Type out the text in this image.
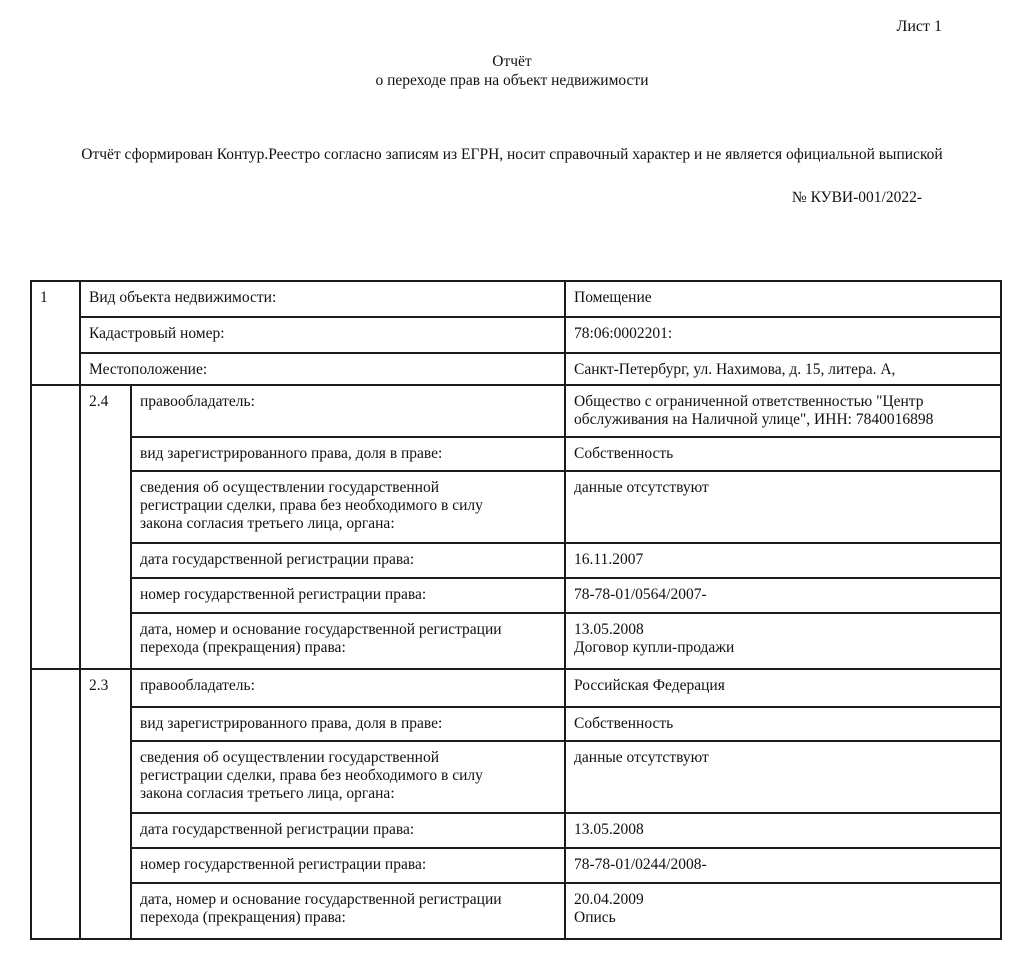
Лист 1
Отчёт
о переходе прав на объект недвижимости
Отчёт сформирован Контур.Реестро согласно записям из ЕГРН, носит справочный характер и не является официальной выпиской
№ КУВИ-001/2022-
1	Вид объекта недвижимости:		Помещение
	Кадастровый номер:		78:06:0002201:
	Местоположение:		Санкт-Петербург, ул. Нахимова, д. 15, литера. А,
	2.4	правообладатель:	Общество с ограниченной ответственностью "Центр
обслуживания на Наличной улице", ИНН: 7840016898

		вид зарегистрированного права, доля в праве:	Собственность

		сведения об осуществлении государственной
регистрации сделки, права без необходимого в силу
закона согласия третьего лица, органа:	данные отсутствуют
		дата государственной регистрации права:	16.11.2007
		номер государственной регистрации права:	78-78-01/0564/2007-

		дата, номер и основание государственной регистрации
перехода (прекращения) права:	13.05.2008
Договор купли-продажи

	2.3	правообладатель:	Российская Федерация
		вид зарегистрированного права, доля в праве:	Собственность

		сведения об осуществлении государственной
регистрации сделки, права без необходимого в силу
закона согласия третьего лица, органа:	данные отсутствуют
		дата государственной регистрации права:	13.05.2008
		номер государственной регистрации права:	78-78-01/0244/2008-

		дата, номер и основание государственной регистрации
перехода (прекращения) права:	20.04.2009
Опись
